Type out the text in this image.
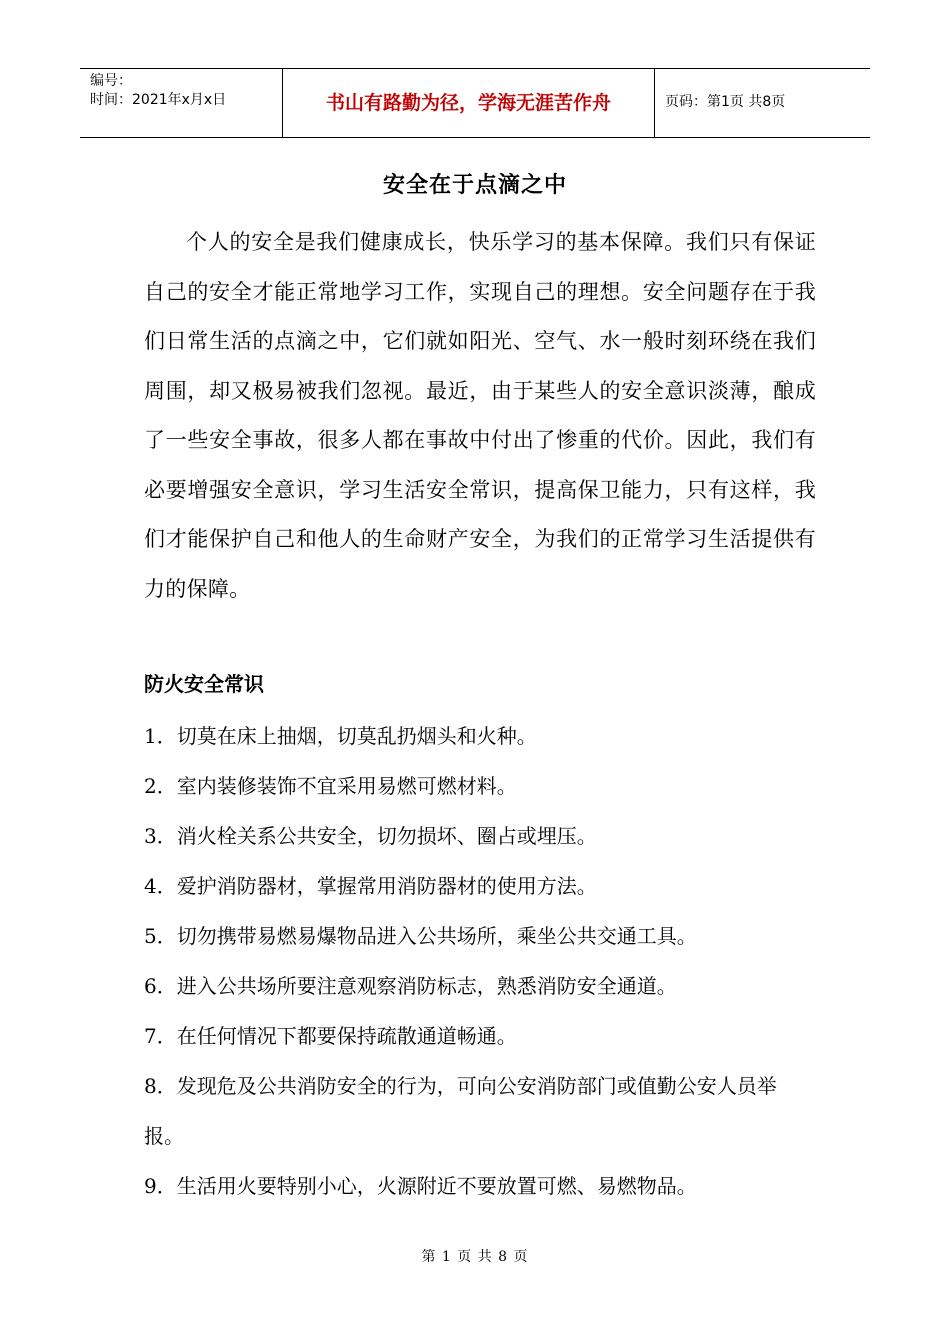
编号：
时间：2021年x月x日	书山有路勤为径，学海无涯苦作舟	页码：第1页 共8页
安全在于点滴之中

个人的安全是我们健康成长，快乐学习的基本保障。我们只有保证自己的安全才能正常地学习工作，实现自己的理想。安全问题存在于我们日常生活的点滴之中，它们就如阳光、空气、水一般时刻环绕在我们周围，却又极易被我们忽视。最近，由于某些人的安全意识淡薄，酿成了一些安全事故，很多人都在事故中付出了惨重的代价。因此，我们有必要增强安全意识，学习生活安全常识，提高保卫能力，只有这样，我们才能保护自己和他人的生命财产安全，为我们的正常学习生活提供有力的保障。

防火安全常识
1．切莫在床上抽烟，切莫乱扔烟头和火种。
2．室内装修装饰不宜采用易燃可燃材料。
3．消火栓关系公共安全，切勿损坏、圈占或埋压。
4．爱护消防器材，掌握常用消防器材的使用方法。
5．切勿携带易燃易爆物品进入公共场所，乘坐公共交通工具。
6．进入公共场所要注意观察消防标志，熟悉消防安全通道。
7．在任何情况下都要保持疏散通道畅通。
8．发现危及公共消防安全的行为，可向公安消防部门或值勤公安人员举报。
9．生活用火要特别小心，火源附近不要放置可燃、易燃物品。
第 1 页 共 8 页
